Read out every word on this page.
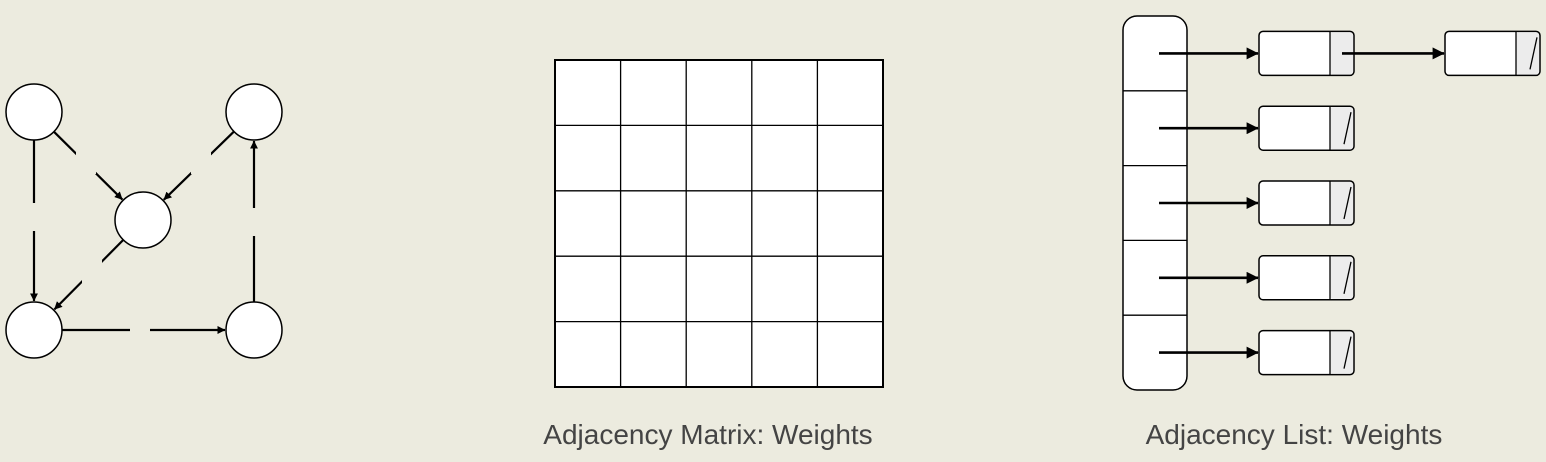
Adjacency Matrix: Weights	Adjacency List: Weights
